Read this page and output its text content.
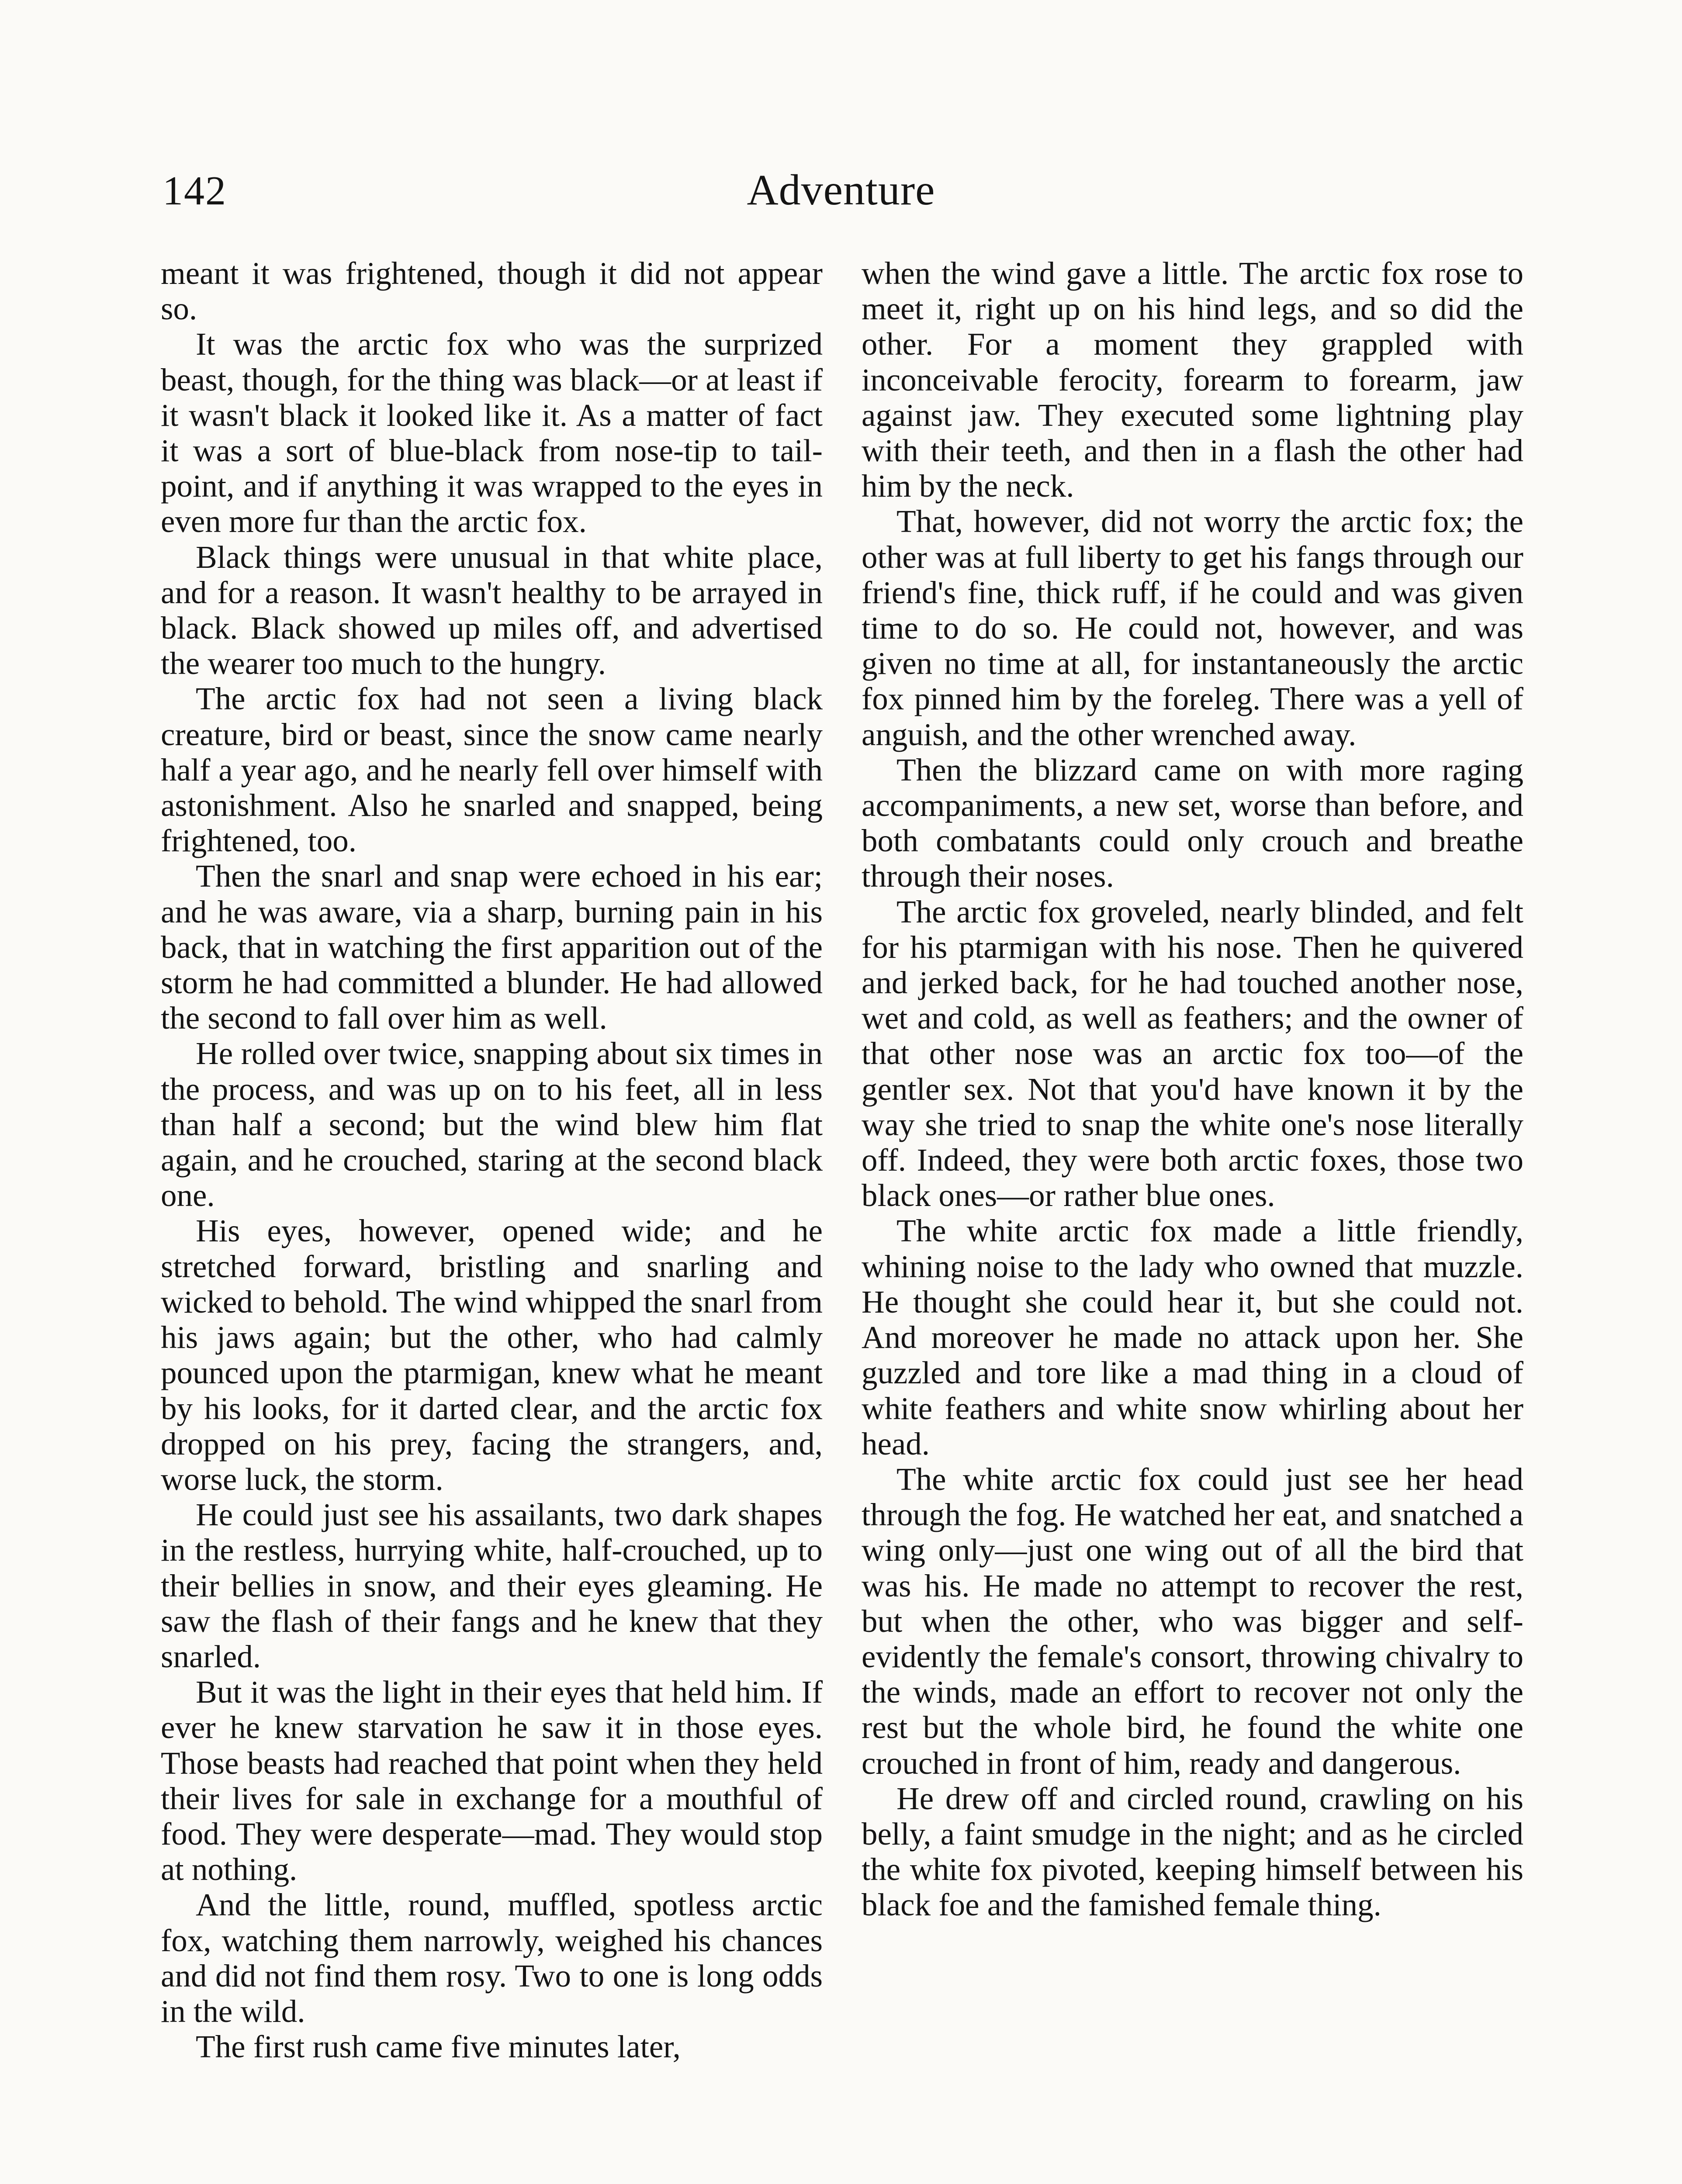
142	Adventure

meant it was frightened, though it did not appear so.

It was the arctic fox who was the surprized beast, though, for the thing was black—or at least if it wasn't black it looked like it. As a matter of fact it was a sort of blue-black from nose-tip to tail-point, and if anything it was wrapped to the eyes in even more fur than the arctic fox.

Black things were unusual in that white place, and for a reason. It wasn't healthy to be arrayed in black. Black showed up miles off, and advertised the wearer too much to the hungry.

The arctic fox had not seen a living black creature, bird or beast, since the snow came nearly half a year ago, and he nearly fell over himself with astonishment. Also he snarled and snapped, being frightened, too.

Then the snarl and snap were echoed in his ear; and he was aware, via a sharp, burning pain in his back, that in watching the first apparition out of the storm he had committed a blunder. He had allowed the second to fall over him as well.

He rolled over twice, snapping about six times in the process, and was up on to his feet, all in less than half a second; but the wind blew him flat again, and he crouched, staring at the second black one.

His eyes, however, opened wide; and he stretched forward, bristling and snarling and wicked to behold. The wind whipped the snarl from his jaws again; but the other, who had calmly pounced upon the ptarmigan, knew what he meant by his looks, for it darted clear, and the arctic fox dropped on his prey, facing the strangers, and, worse luck, the storm.

He could just see his assailants, two dark shapes in the restless, hurrying white, half-crouched, up to their bellies in snow, and their eyes gleaming. He saw the flash of their fangs and he knew that they snarled.

But it was the light in their eyes that held him. If ever he knew starvation he saw it in those eyes. Those beasts had reached that point when they held their lives for sale in exchange for a mouthful of food. They were desperate—mad. They would stop at nothing.

And the little, round, muffled, spotless arctic fox, watching them narrowly, weighed his chances and did not find them rosy. Two to one is long odds in the wild.

The first rush came five minutes later,

when the wind gave a little. The arctic fox rose to meet it, right up on his hind legs, and so did the other. For a moment they grappled with inconceivable ferocity, forearm to forearm, jaw against jaw. They executed some lightning play with their teeth, and then in a flash the other had him by the neck.

That, however, did not worry the arctic fox; the other was at full liberty to get his fangs through our friend's fine, thick ruff, if he could and was given time to do so. He could not, however, and was given no time at all, for instantaneously the arctic fox pinned him by the foreleg. There was a yell of anguish, and the other wrenched away.

Then the blizzard came on with more raging accompaniments, a new set, worse than before, and both combatants could only crouch and breathe through their noses.

The arctic fox groveled, nearly blinded, and felt for his ptarmigan with his nose. Then he quivered and jerked back, for he had touched another nose, wet and cold, as well as feathers; and the owner of that other nose was an arctic fox too—of the gentler sex. Not that you'd have known it by the way she tried to snap the white one's nose literally off. Indeed, they were both arctic foxes, those two black ones—or rather blue ones.

The white arctic fox made a little friendly, whining noise to the lady who owned that muzzle. He thought she could hear it, but she could not. And moreover he made no attack upon her. She guzzled and tore like a mad thing in a cloud of white feathers and white snow whirling about her head.

The white arctic fox could just see her head through the fog. He watched her eat, and snatched a wing only—just one wing out of all the bird that was his. He made no attempt to recover the rest, but when the other, who was bigger and self-evidently the female's consort, throwing chivalry to the winds, made an effort to recover not only the rest but the whole bird, he found the white one crouched in front of him, ready and dangerous.

He drew off and circled round, crawling on his belly, a faint smudge in the night; and as he circled the white fox pivoted, keeping himself between his black foe and the famished female thing.
